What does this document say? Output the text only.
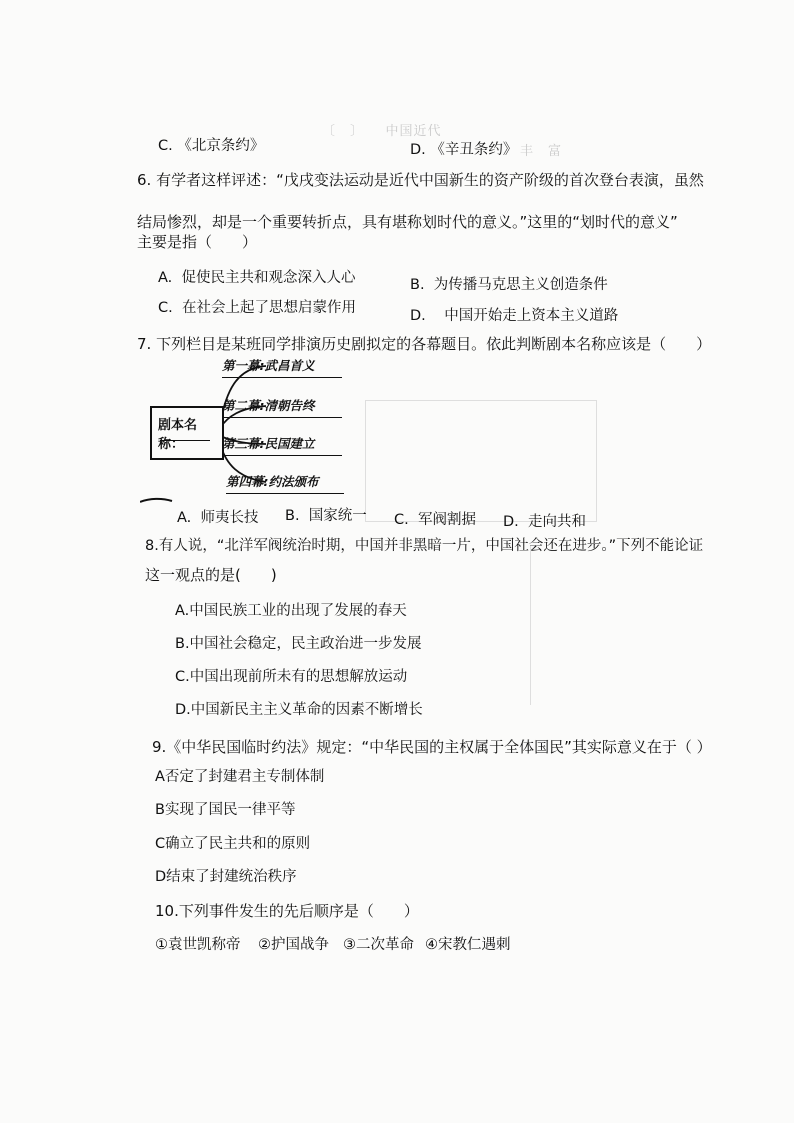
〔　〕　　中国近代
丰　富　　
C. 《北京条约》	D. 《辛丑条约》
6. 有学者这样评述：“戊戌变法运动是近代中国新生的资产阶级的首次登台表演，虽然
结局惨烈，却是一个重要转折点，具有堪称划时代的意义。”这里的“划时代的意义”
主要是指（　　）
A. 促使民主共和观念深入人心	B. 为传播马克思主义创造条件
C. 在社会上起了思想启蒙作用	D. 中国开始走上资本主义道路
7. 下列栏目是某班同学排演历史剧拟定的各幕题目。依此判断剧本名称应该是（　　）
剧本名称：
第一幕:武昌首义
第二幕:清朝告终
第三幕:民国建立
第四幕:约法颁布
A. 师夷长技 B. 国家统一 C. 军阀割据 D. 走向共和
8.有人说，“北洋军阀统治时期，中国并非黑暗一片，中国社会还在进步。”下列不能论证
这一观点的是(　　)
A.中国民族工业的出现了发展的春天
B.中国社会稳定，民主政治进一步发展
C.中国出现前所未有的思想解放运动
D.中国新民主主义革命的因素不断增长
9.《中华民国临时约法》规定：“中华民国的主权属于全体国民”其实际意义在于（ ）
A否定了封建君主专制体制
B实现了国民一律平等
C确立了民主共和的原则
D结束了封建统治秩序
10.下列事件发生的先后顺序是（　　）
①袁世凯称帝 ②护国战争 ③二次革命 ④宋教仁遇刺
